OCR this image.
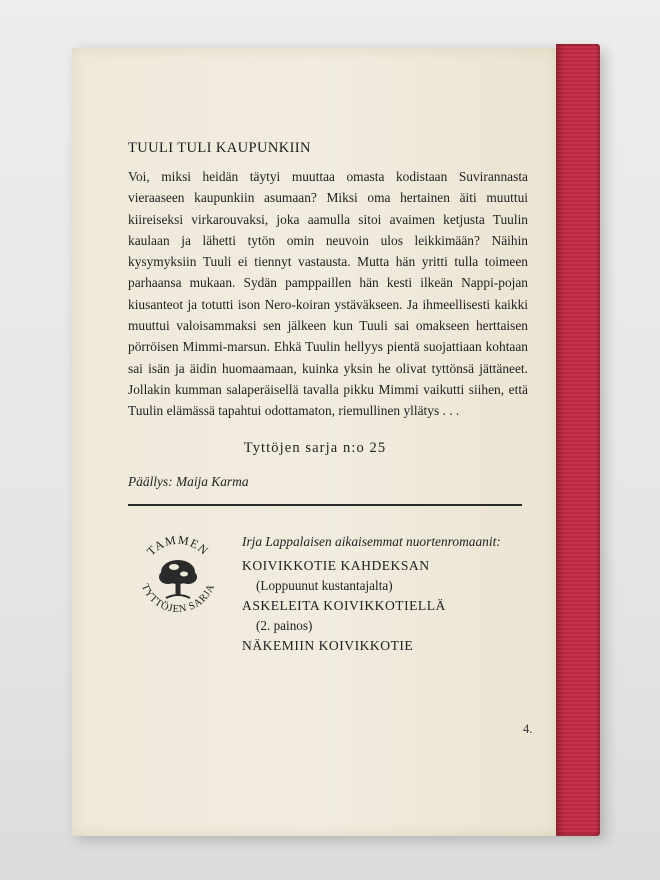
TUULI TULI KAUPUNKIIN

Voi, miksi heidän täytyi muuttaa omasta kodistaan Suvirannasta vieraaseen kaupunkiin asumaan? Miksi oma hertainen äiti muuttui kiireiseksi virkarouvaksi, joka aamulla sitoi avaimen ketjusta Tuulin kaulaan ja lähetti tytön omin neuvoin ulos leikkimään? Näihin kysymyksiin Tuuli ei tiennyt vastausta. Mutta hän yritti tulla toimeen parhaansa mukaan. Sydän pamppaillen hän kesti ilkeän Nappi-pojan kiusanteot ja totutti ison Nero-koiran ystäväkseen. Ja ihmeellisesti kaikki muuttui valoisammaksi sen jälkeen kun Tuuli sai omakseen herttaisen pörröisen Mimmi-marsun. Ehkä Tuulin hellyys pientä suojattiaan kohtaan sai isän ja äidin huomaamaan, kuinka yksin he olivat tyttönsä jättäneet. Jollakin kumman salaperäisellä tavalla pikku Mimmi vaikutti siihen, että Tuulin elämässä tapahtui odottamaton, riemullinen yllätys . . .

Tyttöjen sarja n:o 25
Päällys: Maija Karma
TAMMEN
TYTTÖJEN SARJA

Irja Lappalaisen aikaisemmat nuortenromaanit:

KOIVIKKOTIE KAHDEKSAN

(Loppuunut kustantajalta)

ASKELEITA KOIVIKKOTIELLÄ

(2. painos)

NÄKEMIIN KOIVIKKOTIE

4.
